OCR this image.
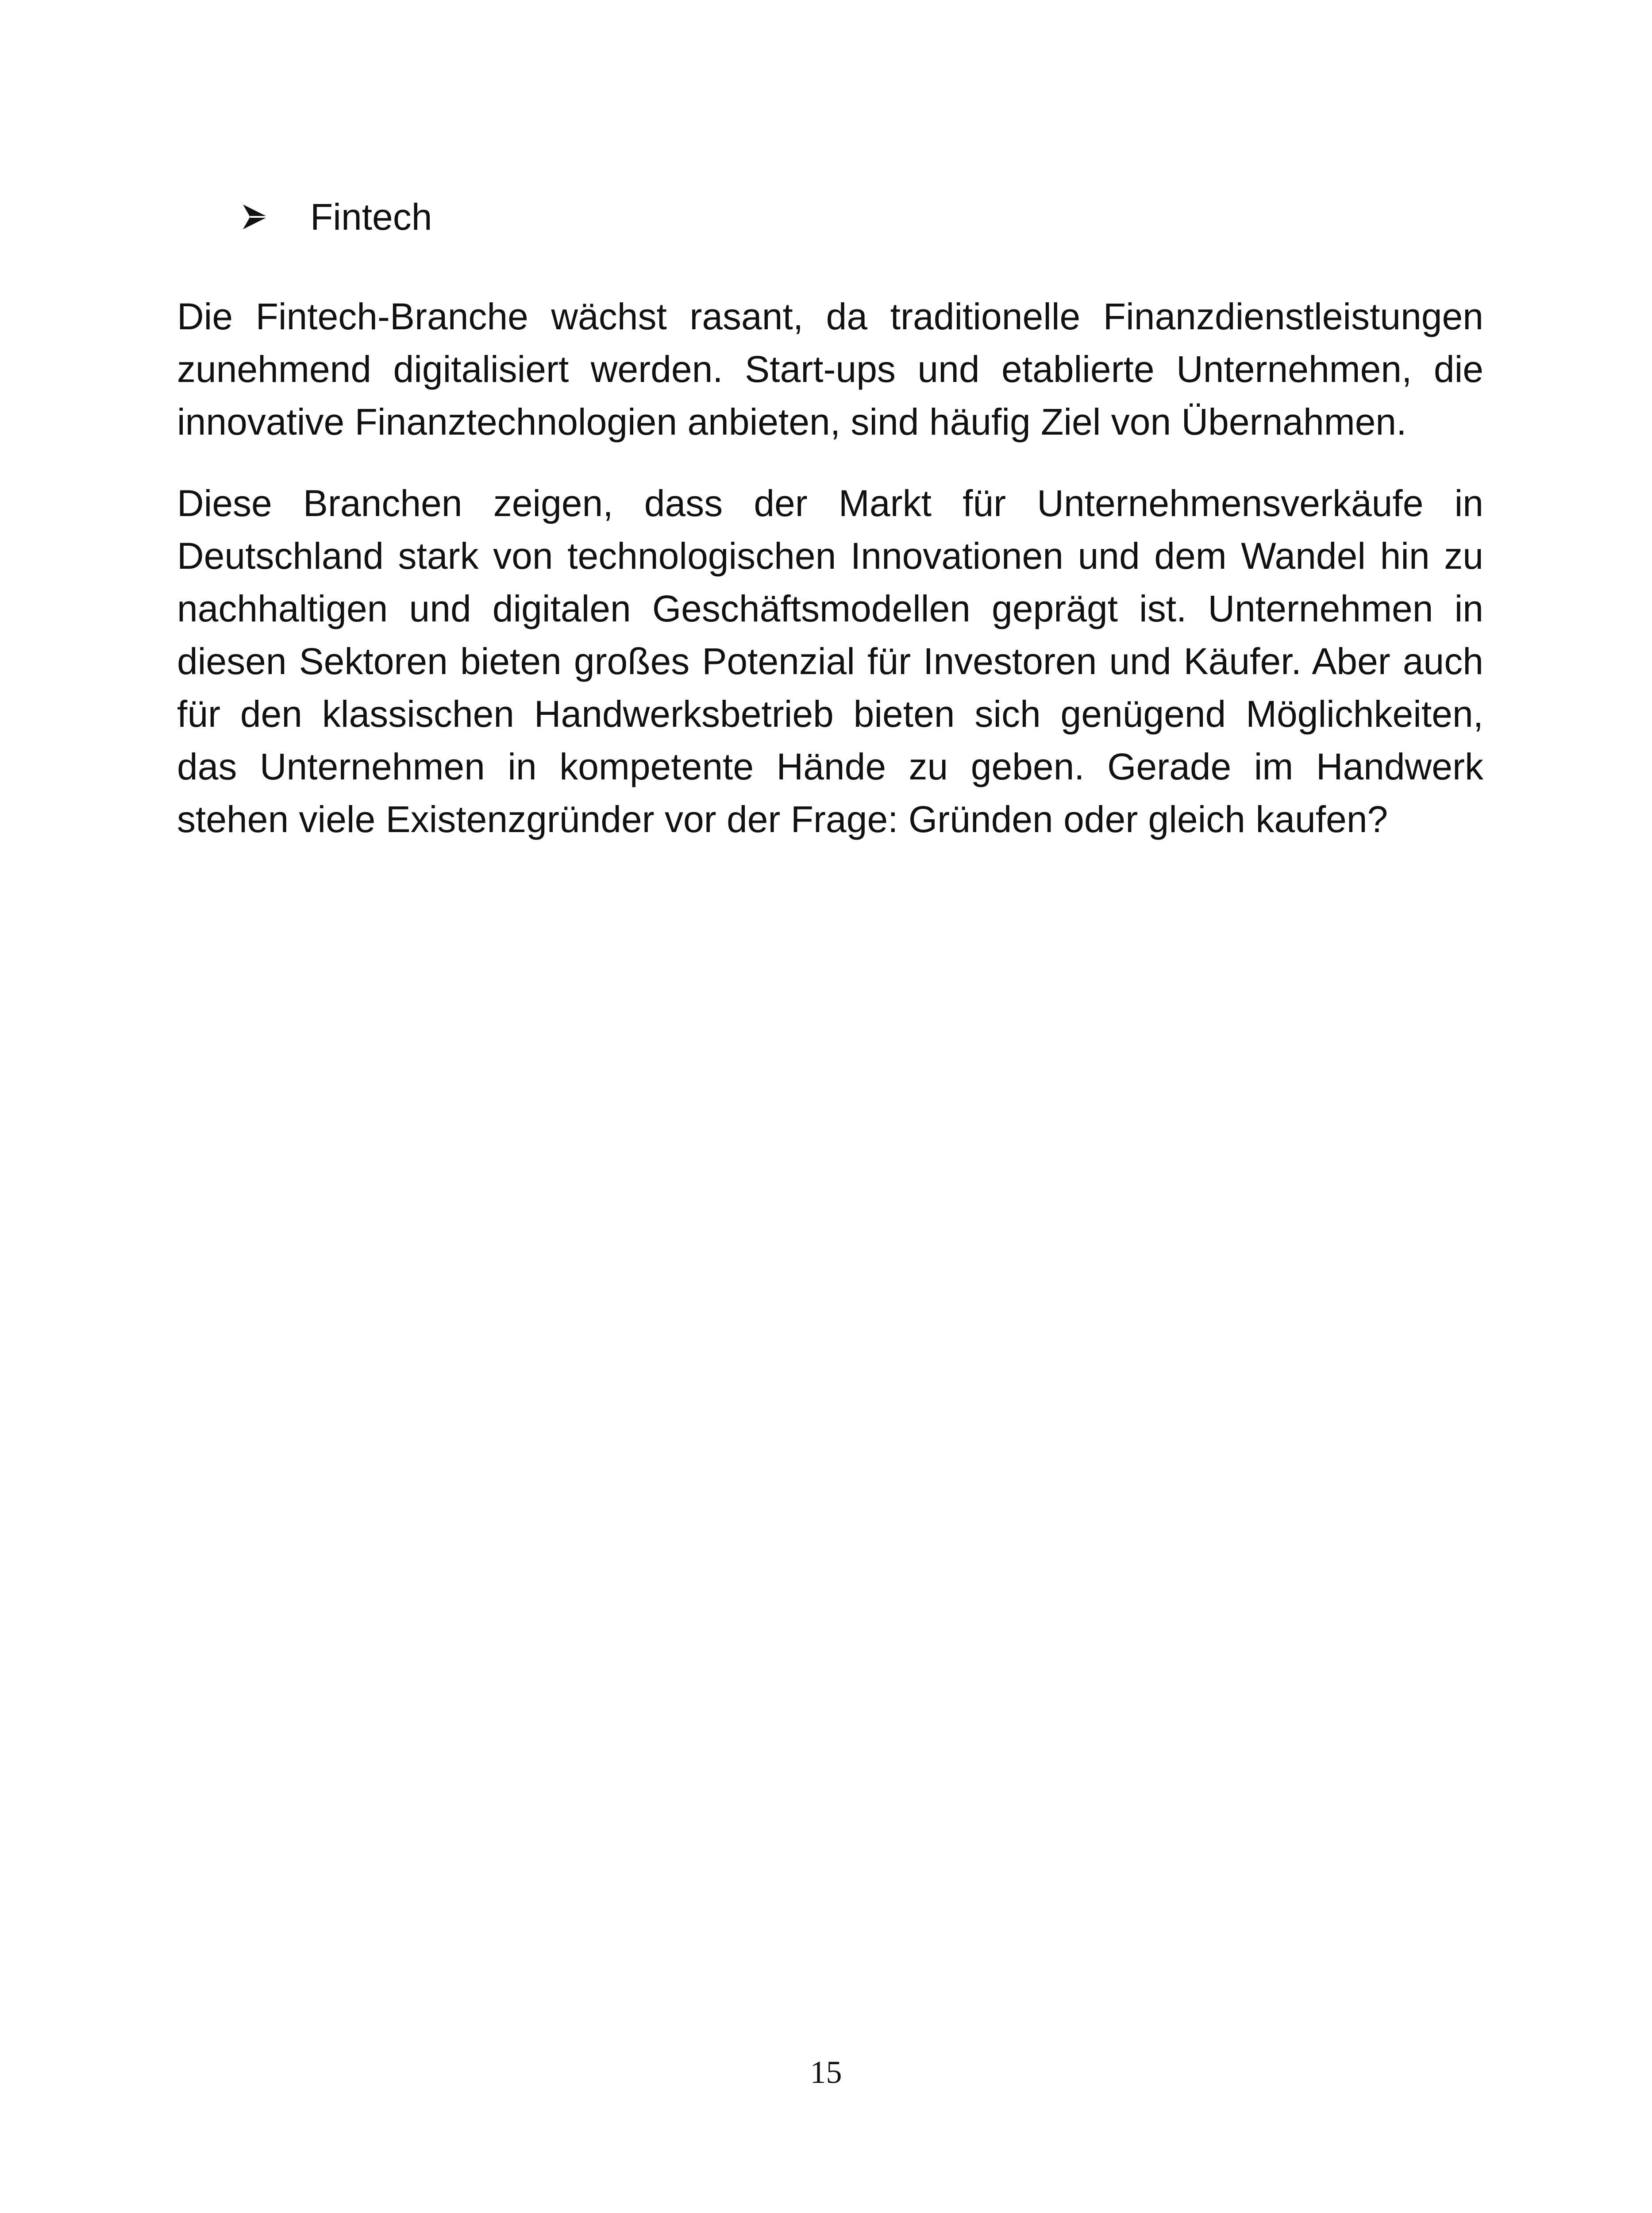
Fintech

Die Fintech-Branche wächst rasant, da traditionelle Finanzdienstleistungen zunehmend digitalisiert werden. Start-ups und etablierte Unternehmen, die innovative Finanztechnologien anbieten, sind häufig Ziel von Übernahmen.

Diese Branchen zeigen, dass der Markt für Unternehmensverkäufe in Deutschland stark von technologischen Innovationen und dem Wandel hin zu nachhaltigen und digitalen Geschäftsmodellen geprägt ist. Unternehmen in diesen Sektoren bieten großes Potenzial für Investoren und Käufer. Aber auch für den klassischen Handwerksbetrieb bieten sich genügend Möglichkeiten, das Unternehmen in kompetente Hände zu geben. Gerade im Handwerk stehen viele Existenzgründer vor der Frage: Gründen oder gleich kaufen?

15
